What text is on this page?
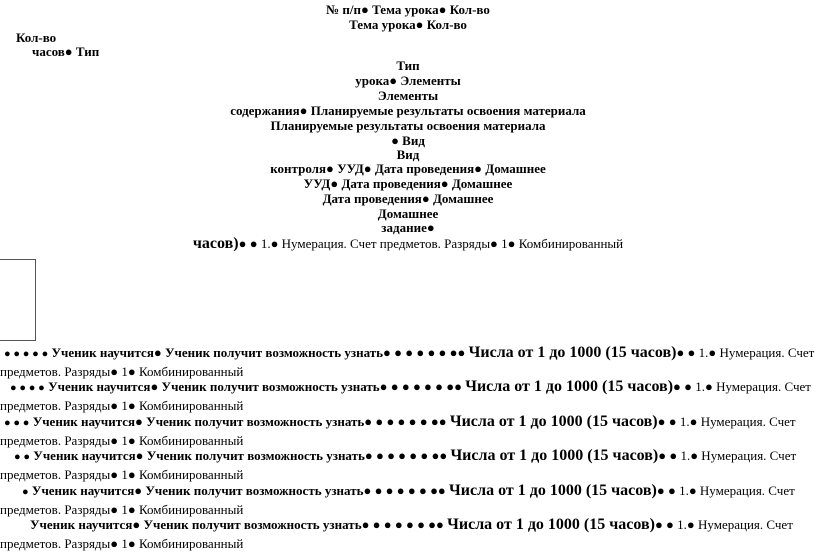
№ п/п● Тема урока● Кол-во
Тема урока● Кол-во
Кол-во
часов● Тип
Тип
урока● Элементы
Элементы
содержания● Планируемые результаты освоения материала
Планируемые результаты освоения материала
● Вид
Вид
контроля● УУД● Дата проведения● Домашнее
УУД● Дата проведения● Домашнее
Дата проведения● Домашнее
Домашнее
задание●
часов)● ● 1.● Нумерация. Счет предметов. Разряды● 1● Комбинированный
● ● ● ● ● Ученик научится● Ученик получит возможность узнать● ● ● ● ● ● ●● Числа от 1 до 1000 (15 часов)● ● 1.● Нумерация. Счет
предметов. Разряды● 1● Комбинированный
● ● ● ● Ученик научится● Ученик получит возможность узнать● ● ● ● ● ● ●● Числа от 1 до 1000 (15 часов)● ● 1.● Нумерация. Счет
предметов. Разряды● 1● Комбинированный
● ● ● Ученик научится● Ученик получит возможность узнать● ● ● ● ● ● ●● Числа от 1 до 1000 (15 часов)● ● 1.● Нумерация. Счет
предметов. Разряды● 1● Комбинированный
● ● Ученик научится● Ученик получит возможность узнать● ● ● ● ● ● ●● Числа от 1 до 1000 (15 часов)● ● 1.● Нумерация. Счет
предметов. Разряды● 1● Комбинированный
● Ученик научится● Ученик получит возможность узнать● ● ● ● ● ● ●● Числа от 1 до 1000 (15 часов)● ● 1.● Нумерация. Счет
предметов. Разряды● 1● Комбинированный
Ученик научится● Ученик получит возможность узнать● ● ● ● ● ● ●● Числа от 1 до 1000 (15 часов)● ● 1.● Нумерация. Счет
предметов. Разряды● 1● Комбинированный
